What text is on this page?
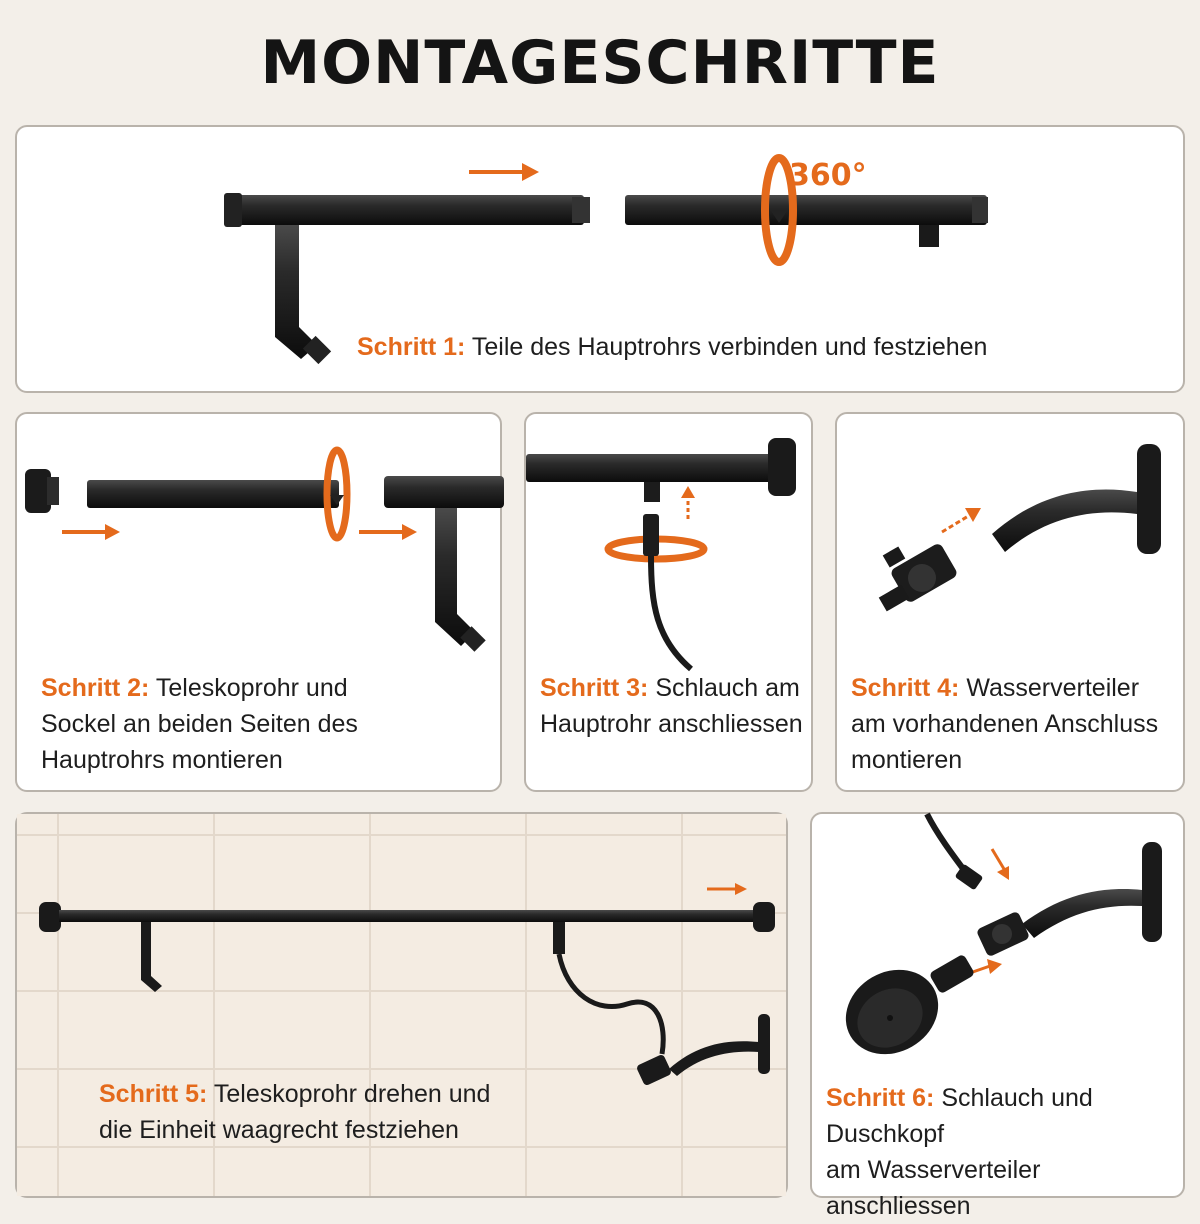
MONTAGESCHRITTE
360°
Schritt 1: Teile des Hauptrohrs verbinden und festziehen
Schritt 2: Teleskoprohr und
Sockel an beiden Seiten des
Hauptrohrs montieren
Schritt 3: Schlauch am
Hauptrohr anschliessen
Schritt 4: Wasserverteiler
am vorhandenen Anschluss
montieren
Schritt 5: Teleskoprohr drehen und
die Einheit waagrecht festziehen
Schritt 6: Schlauch und Duschkopf
am Wasserverteiler anschliessen
